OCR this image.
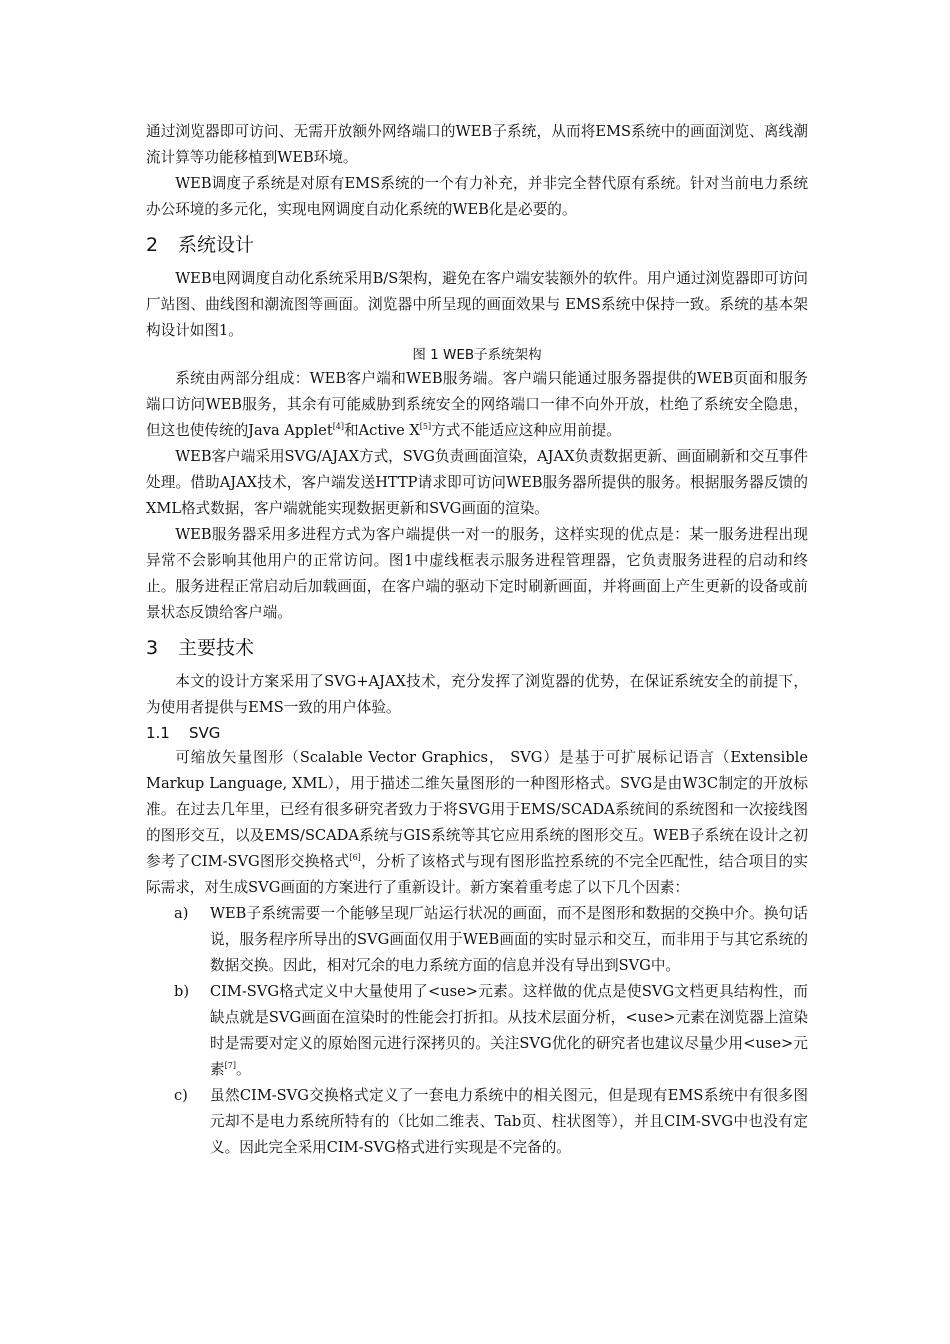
通过浏览器即可访问、无需开放额外网络端口的WEB子系统，从而将EMS系统中的画面浏览、离线潮流计算等功能移植到WEB环境。

WEB调度子系统是对原有EMS系统的一个有力补充，并非完全替代原有系统。针对当前电力系统办公环境的多元化，实现电网调度自动化系统的WEB化是必要的。

2 系统设计

WEB电网调度自动化系统采用B/S架构，避免在客户端安装额外的软件。用户通过浏览器即可访问厂站图、曲线图和潮流图等画面。浏览器中所呈现的画面效果与 EMS系统中保持一致。系统的基本架构设计如图1。

图 1 WEB子系统架构

系统由两部分组成：WEB客户端和WEB服务端。客户端只能通过服务器提供的WEB页面和服务端口访问WEB服务，其余有可能威胁到系统安全的网络端口一律不向外开放，杜绝了系统安全隐患，但这也使传统的Java Applet[4]和Active X[5]方式不能适应这种应用前提。

WEB客户端采用SVG/AJAX方式，SVG负责画面渲染，AJAX负责数据更新、画面刷新和交互事件处理。借助AJAX技术，客户端发送HTTP请求即可访问WEB服务器所提供的服务。根据服务器反馈的XML格式数据，客户端就能实现数据更新和SVG画面的渲染。

WEB服务器采用多进程方式为客户端提供一对一的服务，这样实现的优点是：某一服务进程出现异常不会影响其他用户的正常访问。图1中虚线框表示服务进程管理器，它负责服务进程的启动和终止。服务进程正常启动后加载画面，在客户端的驱动下定时刷新画面，并将画面上产生更新的设备或前景状态反馈给客户端。

3 主要技术

本文的设计方案采用了SVG+AJAX技术，充分发挥了浏览器的优势，在保证系统安全的前提下，为使用者提供与EMS一致的用户体验。

1.1 SVG

可缩放矢量图形（Scalable Vector Graphics， SVG）是基于可扩展标记语言（Extensible Markup Language, XML），用于描述二维矢量图形的一种图形格式。SVG是由W3C制定的开放标准。在过去几年里，已经有很多研究者致力于将SVG用于EMS/SCADA系统间的系统图和一次接线图的图形交互，以及EMS/SCADA系统与GIS系统等其它应用系统的图形交互。WEB子系统在设计之初参考了CIM-SVG图形交换格式[6]，分析了该格式与现有图形监控系统的不完全匹配性，结合项目的实际需求，对生成SVG画面的方案进行了重新设计。新方案着重考虑了以下几个因素：

a) WEB子系统需要一个能够呈现厂站运行状况的画面，而不是图形和数据的交换中介。换句话说，服务程序所导出的SVG画面仅用于WEB画面的实时显示和交互，而非用于与其它系统的数据交换。因此，相对冗余的电力系统方面的信息并没有导出到SVG中。

b) CIM-SVG格式定义中大量使用了<use>元素。这样做的优点是使SVG文档更具结构性，而缺点就是SVG画面在渲染时的性能会打折扣。从技术层面分析，<use>元素在浏览器上渲染时是需要对定义的原始图元进行深拷贝的。关注SVG优化的研究者也建议尽量少用<use>元素[7]。

c) 虽然CIM-SVG交换格式定义了一套电力系统中的相关图元，但是现有EMS系统中有很多图元却不是电力系统所特有的（比如二维表、Tab页、柱状图等），并且CIM-SVG中也没有定义。因此完全采用CIM-SVG格式进行实现是不完备的。
